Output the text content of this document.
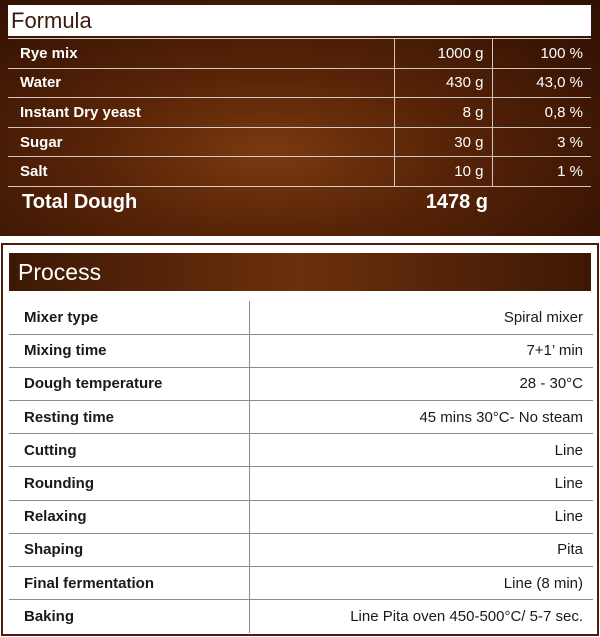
Formula
Rye mix	1000 g	100 %
Water	430 g	43,0 %
Instant Dry yeast	8 g	0,8 %
Sugar	30 g	3 %
Salt	10 g	1 %
Total Dough	1478 g
Process
Mixer type	Spiral mixer
Mixing time	7+1’ min
Dough temperature	28 - 30°C
Resting time	45 mins 30°C- No steam
Cutting	Line
Rounding	Line
Relaxing	Line
Shaping	Pita
Final fermentation	Line (8 min)
Baking	Line Pita oven 450-500°C/ 5-7 sec.
